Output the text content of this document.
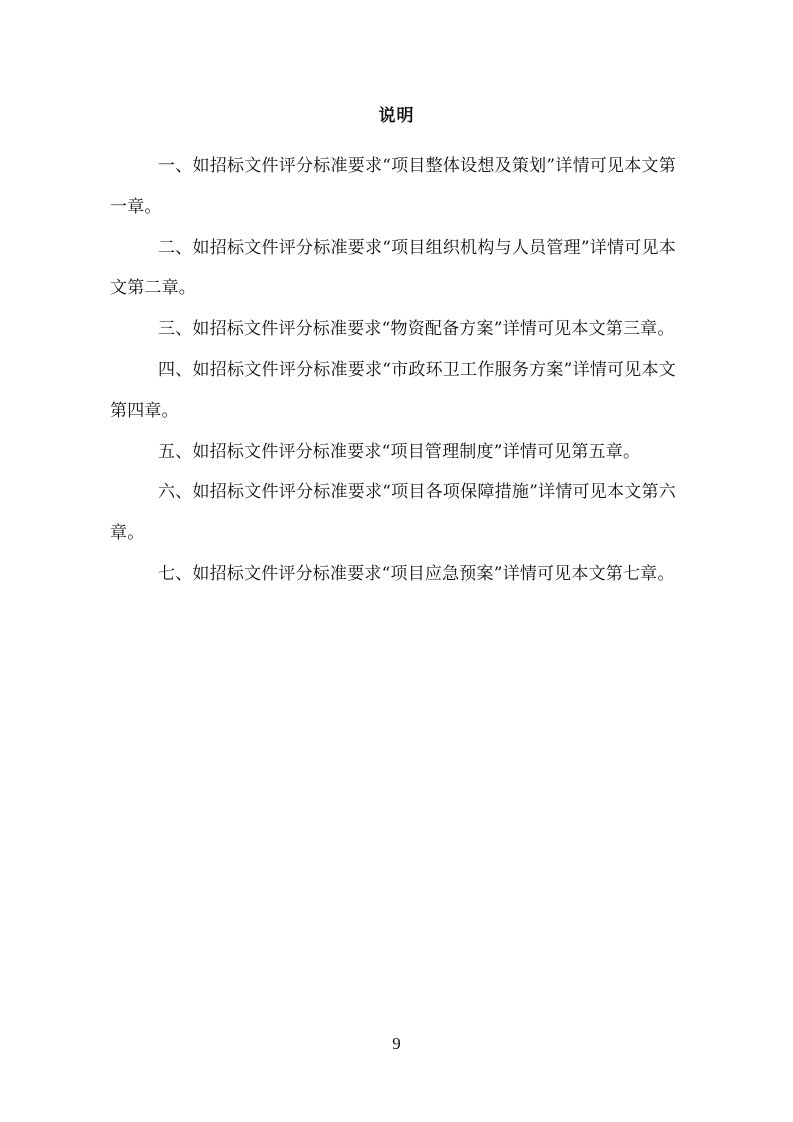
说明

一、如招标文件评分标准要求“项目整体设想及策划”详情可见本文第一章。

二、如招标文件评分标准要求“项目组织机构与人员管理”详情可见本文第二章。

三、如招标文件评分标准要求“物资配备方案”详情可见本文第三章。

四、如招标文件评分标准要求“市政环卫工作服务方案”详情可见本文第四章。

五、如招标文件评分标准要求“项目管理制度”详情可见第五章。

六、如招标文件评分标准要求“项目各项保障措施”详情可见本文第六章。

七、如招标文件评分标准要求“项目应急预案”详情可见本文第七章。

9
